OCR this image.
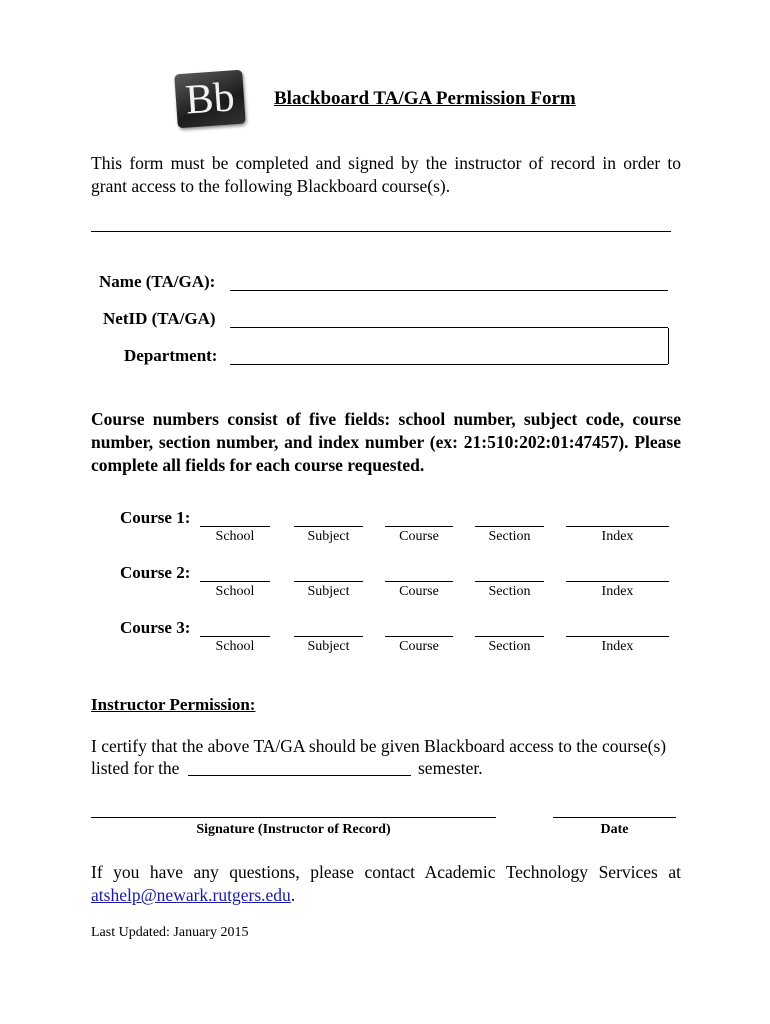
Bb	Blackboard TA/GA Permission Form
This form must be completed and signed by the instructor of record in order to grant access to the following Blackboard course(s).
Name (TA/GA):
NetID (TA/GA)
Department:
Course numbers consist of five fields: school number, subject code, course number, section number, and index number (ex: 21:510:202:01:47457). Please complete all fields for each course requested.
Course 1:
School	Subject	Course	Section	Index
Course 2:
School	Subject	Course	Section	Index
Course 3:
School	Subject	Course	Section	Index
Instructor Permission:
I certify that the above TA/GA should be given Blackboard access to the course(s)
listed for the	semester.
Signature (Instructor of Record)	Date
If you have any questions, please contact Academic Technology Services at atshelp@newark.rutgers.edu.
Last Updated: January 2015
